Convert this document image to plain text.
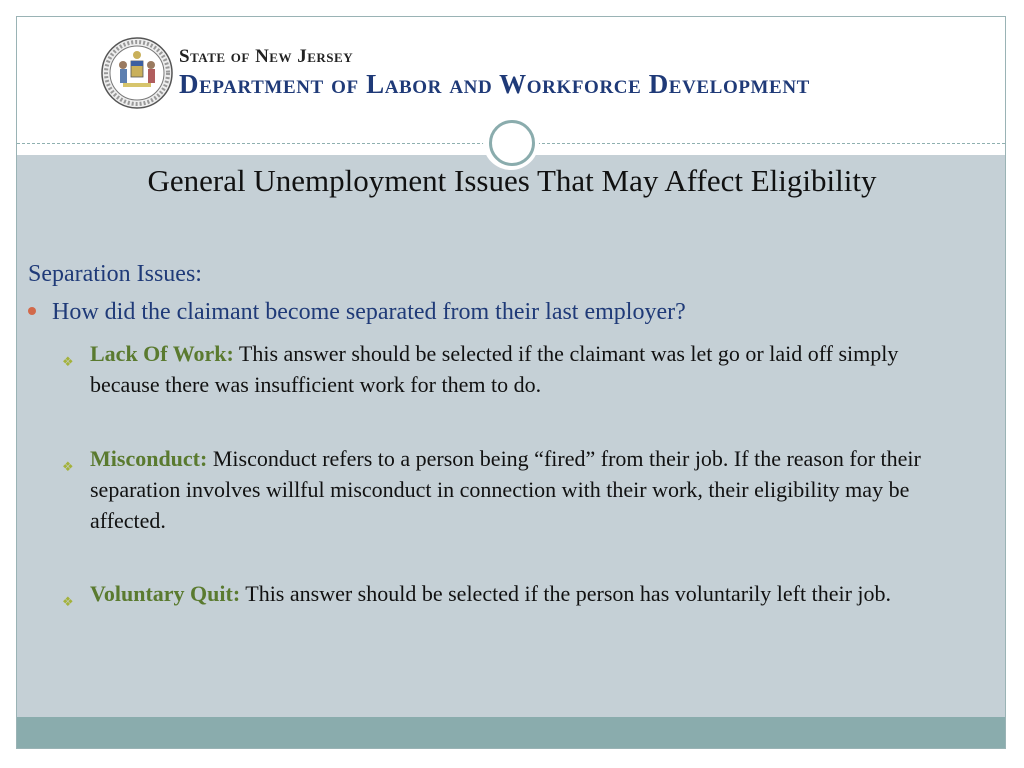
State of New Jersey
Department of Labor and Workforce Development
General Unemployment Issues That May Affect Eligibility
Separation Issues:
How did the claimant become separated from their last employer?
❖ Lack Of Work: This answer should be selected if the claimant was let go or laid off simply because there was insufficient work for them to do.
❖ Misconduct: Misconduct refers to a person being “fired” from their job. If the reason for their separation involves willful misconduct in connection with their work, their eligibility may be affected.
❖ Voluntary Quit: This answer should be selected if the person has voluntarily left their job.
